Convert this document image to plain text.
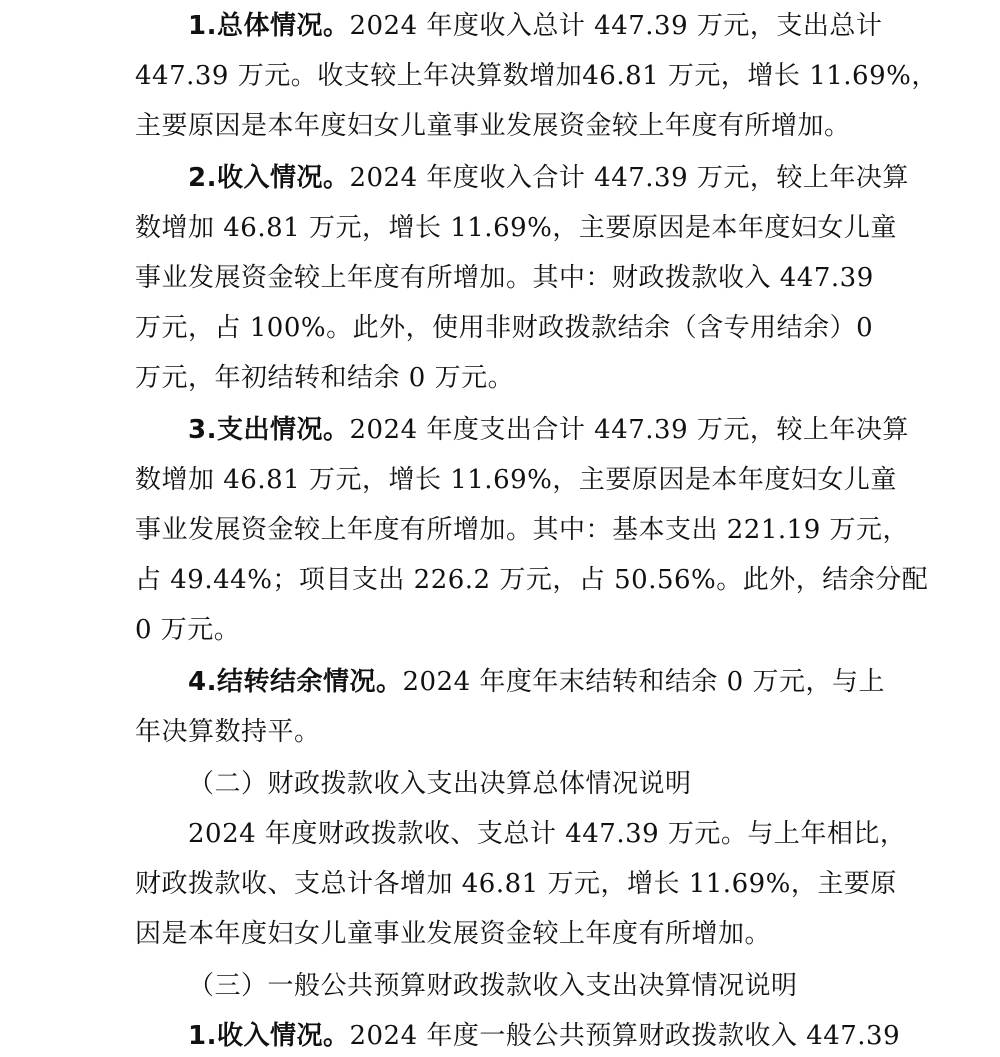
1.总体情况。2024 年度收入总计 447.39 万元，支出总计
447.39 万元。收支较上年决算数增加46.81 万元，增长 11.69%，
主要原因是本年度妇女儿童事业发展资金较上年度有所增加。
2.收入情况。2024 年度收入合计 447.39 万元，较上年决算
数增加 46.81 万元，增长 11.69%，主要原因是本年度妇女儿童
事业发展资金较上年度有所增加。其中：财政拨款收入 447.39
万元，占 100%。此外，使用非财政拨款结余（含专用结余）0
万元，年初结转和结余 0 万元。
3.支出情况。2024 年度支出合计 447.39 万元，较上年决算
数增加 46.81 万元，增长 11.69%，主要原因是本年度妇女儿童
事业发展资金较上年度有所增加。其中：基本支出 221.19 万元，
占 49.44%；项目支出 226.2 万元，占 50.56%。此外，结余分配
0 万元。
4.结转结余情况。2024 年度年末结转和结余 0 万元，与上
年决算数持平。
（二）财政拨款收入支出决算总体情况说明
2024 年度财政拨款收、支总计 447.39 万元。与上年相比，
财政拨款收、支总计各增加 46.81 万元，增长 11.69%，主要原
因是本年度妇女儿童事业发展资金较上年度有所增加。
（三）一般公共预算财政拨款收入支出决算情况说明
1.收入情况。2024 年度一般公共预算财政拨款收入 447.39
